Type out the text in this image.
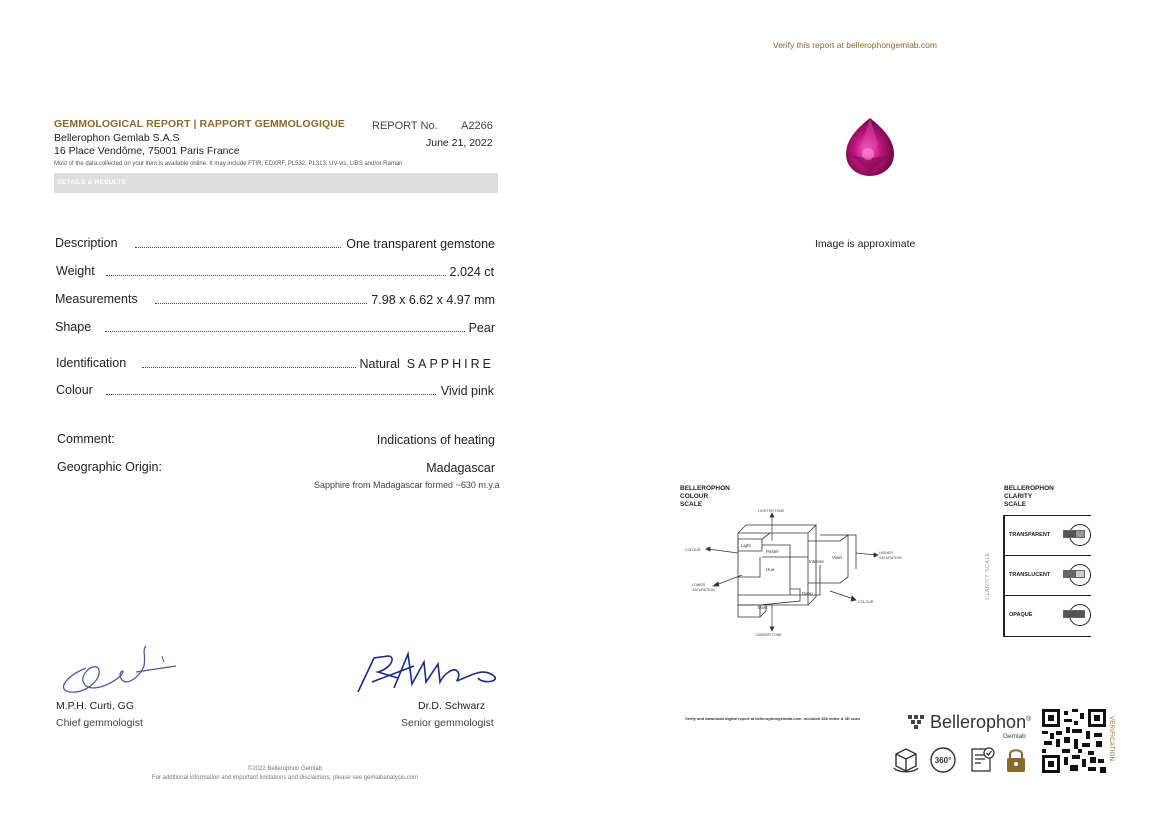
GEMMOLOGICAL REPORT | RAPPORT GEMMOLOGIQUE
Bellerophon Gemlab S.A.S
16 Place Vendôme, 75001 Paris France
REPORT No. A2266
June 21, 2022
Most of the data collected on your item is available online. It may include FTIR, EDXRF, PL532, PL313, UV-vis, LIBS and/or Raman
DETAILS & RESULTS
Description	One transparent gemstone
Weight	2.024 ct
Measurements	7.98 x 6.62 x 4.97 mm
Shape	Pear
Identification	Natural SAPPHIRE
Colour	Vivid pink
Comment:	Indications of heating
Geographic Origin:	Madagascar
Sapphire from Madagascar formed ~630 m.y.a
M.P.H. Curti, GG
Chief gemmologist
Dr.D. Schwarz
Senior gemmologist
©2022 Bellerophon Gemlab
For additional information and important limitations and disclaimers, please see gemlabanalysis.com
Verify this report at bellerophongemlab.com
Image is approximate
BELLEROPHON
COLOUR
SCALE
Light
Pastel
Hue
Intense
Vivid
Deep
Dark
LIGHTER TONE
DARKER TONE
COLOUR
LOWER
SATURATION
HIGHER
SATURATION
COLOUR
BELLEROPHON
CLARITY
SCALE
CLARITY SCALE
TRANSPARENT
TRANSLUCENT
OPAQUE
Verify and download digital report at bellerophongemlab.com. Included 360 video & 3D scan	Bellerophon®
Gemlab	VERIFICATION
360°
